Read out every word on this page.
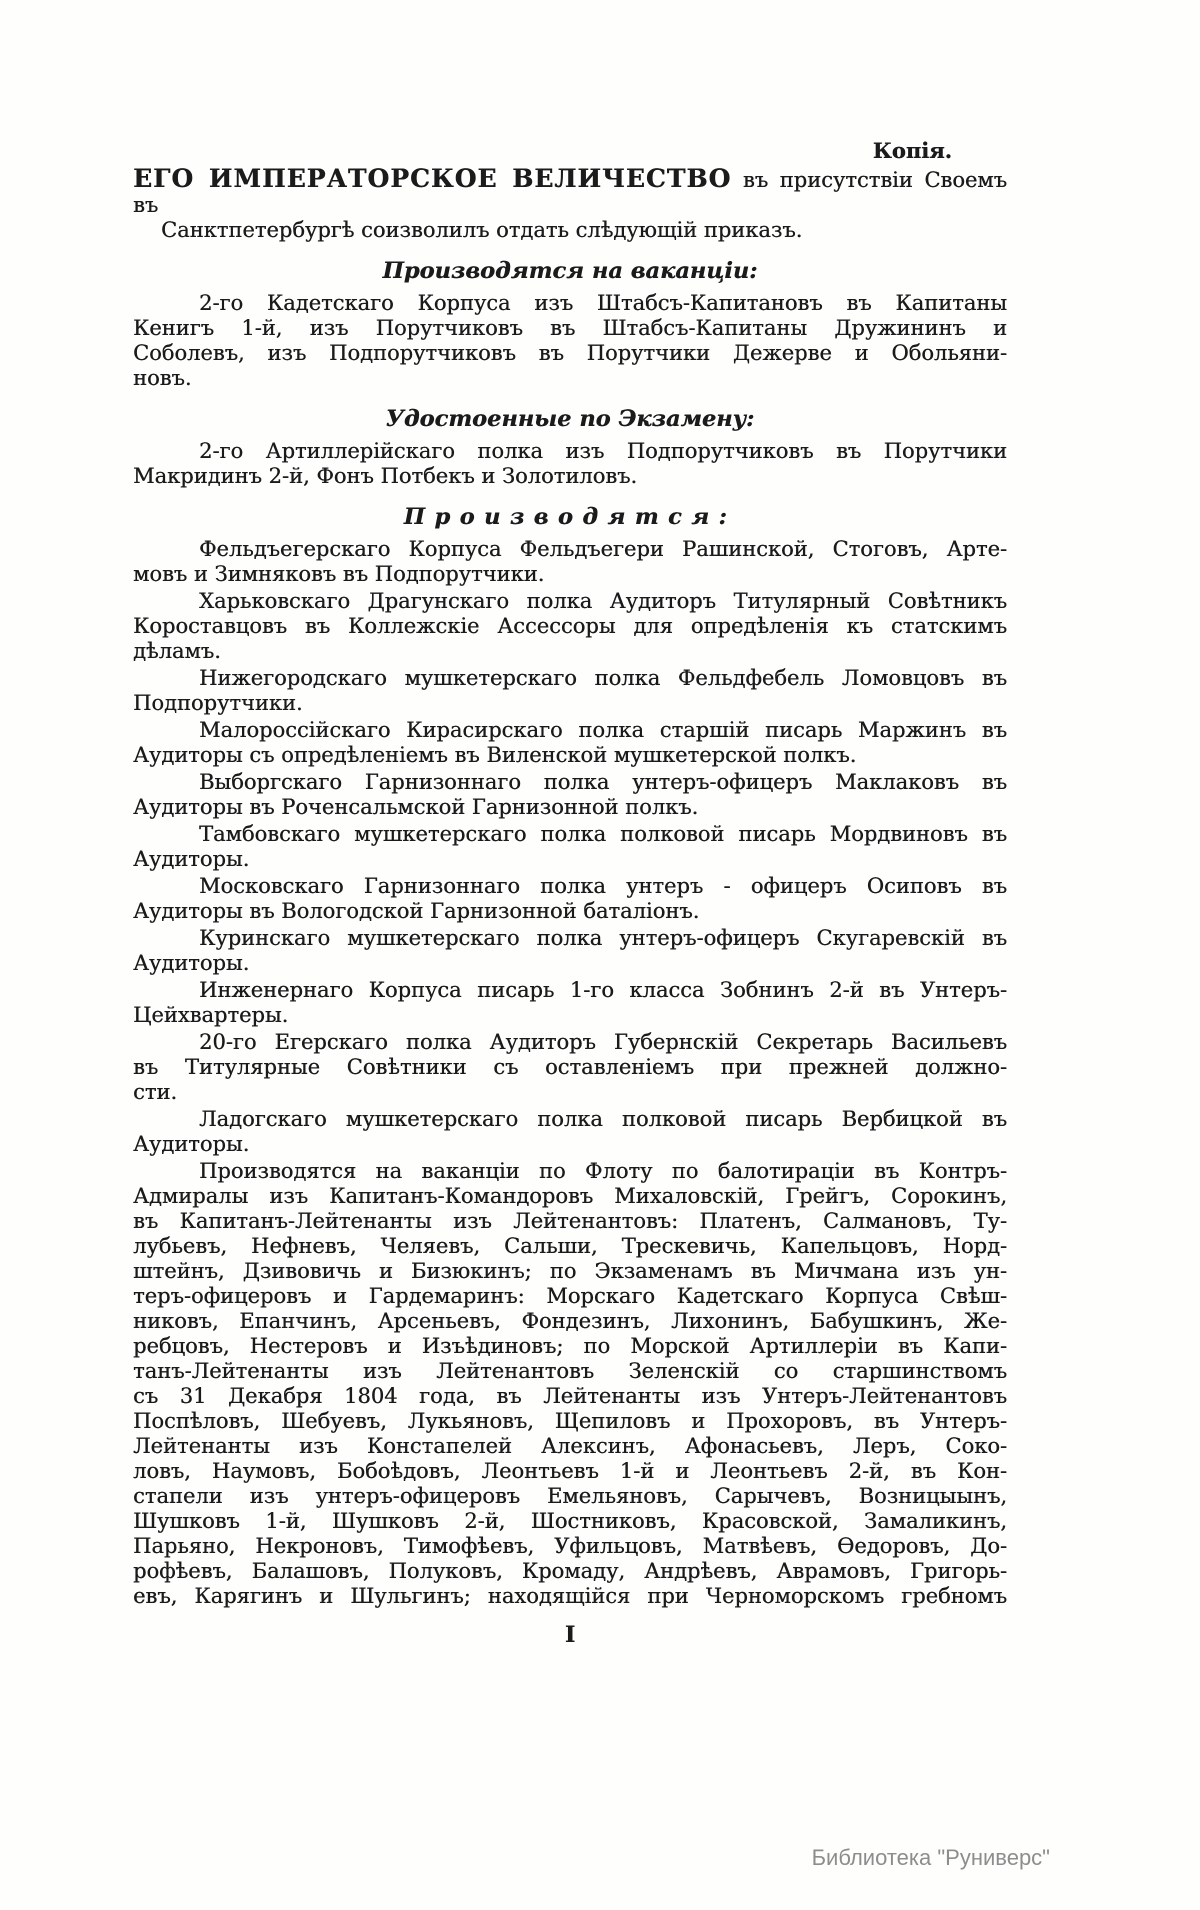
Копія.
ЕГО ИМПЕРАТОРСКОЕ ВЕЛИЧЕСТВО въ присутствіи Своемъ въ
Санктпетербургѣ соизволилъ отдать слѣдующій приказъ.
Производятся на ваканціи:
2-го Кадетскаго Корпуса изъ Штабсъ-Капитановъ въ Капитаны
Кенигъ 1-й, изъ Порутчиковъ въ Штабсъ-Капитаны Дружининъ и
Соболевъ, изъ Подпорутчиковъ въ Порутчики Дежерве и Обольяни-
новъ.
Удостоенные по Экзамену:
2-го Артиллерійскаго полка изъ Подпорутчиковъ въ Порутчики
Макридинъ 2-й, Фонъ Потбекъ и Золотиловъ.
Производятся:
Фельдъегерскаго Корпуса Фельдъегери Рашинской, Стоговъ, Арте-
мовъ и Зимняковъ въ Подпорутчики.
Харьковскаго Драгунскаго полка Аудиторъ Титулярный Совѣтникъ
Короставцовъ въ Коллежскіе Ассессоры для опредѣленія къ статскимъ
дѣламъ.
Нижегородскаго мушкетерскаго полка Фельдфебель Ломовцовъ въ
Подпорутчики.
Малороссійскаго Кирасирскаго полка старшій писарь Маржинъ въ
Аудиторы съ опредѣленіемъ въ Виленской мушкетерской полкъ.
Выборгскаго Гарнизоннаго полка унтеръ-офицеръ Маклаковъ въ
Аудиторы въ Роченсальмской Гарнизонной полкъ.
Тамбовскаго мушкетерскаго полка полковой писарь Мордвиновъ въ
Аудиторы.
Московскаго Гарнизоннаго полка унтеръ - офицеръ Осиповъ въ
Аудиторы въ Вологодской Гарнизонной баталіонъ.
Куринскаго мушкетерскаго полка унтеръ-офицеръ Скугаревскій въ
Аудиторы.
Инженернаго Корпуса писарь 1-го класса Зобнинъ 2-й въ Унтеръ-
Цейхвартеры.
20-го Егерскаго полка Аудиторъ Губернскій Секретарь Васильевъ
въ Титулярные Совѣтники съ оставленіемъ при прежней должно-
сти.
Ладогскаго мушкетерскаго полка полковой писарь Вербицкой въ
Аудиторы.
Производятся на ваканціи по Флоту по балотираціи въ Контръ-
Адмиралы изъ Капитанъ-Командоровъ Михаловскій, Грейгъ, Сорокинъ,
въ Капитанъ-Лейтенанты изъ Лейтенантовъ: Платенъ, Салмановъ, Ту-
лубьевъ, Нефневъ, Челяевъ, Сальши, Трескевичь, Капельцовъ, Норд-
штейнъ, Дзивовичь и Бизюкинъ; по Экзаменамъ въ Мичмана изъ ун-
теръ-офицеровъ и Гардемаринъ: Морскаго Кадетскаго Корпуса Свѣш-
никовъ, Епанчинъ, Арсеньевъ, Фондезинъ, Лихонинъ, Бабушкинъ, Же-
ребцовъ, Нестеровъ и Изъѣдиновъ; по Морской Артиллеріи въ Капи-
танъ-Лейтенанты изъ Лейтенантовъ Зеленскій со старшинствомъ
съ 31 Декабря 1804 года, въ Лейтенанты изъ Унтеръ-Лейтенантовъ
Поспѣловъ, Шебуевъ, Лукьяновъ, Щепиловъ и Прохоровъ, въ Унтеръ-
Лейтенанты изъ Констапелей Алексинъ, Афонасьевъ, Леръ, Соко-
ловъ, Наумовъ, Бобоѣдовъ, Леонтьевъ 1-й и Леонтьевъ 2-й, въ Кон-
стапели изъ унтеръ-офицеровъ Емельяновъ, Сарычевъ, Возницыынъ,
Шушковъ 1-й, Шушковъ 2-й, Шостниковъ, Красовской, Замаликинъ,
Парьяно, Некроновъ, Тимофѣевъ, Уфильцовъ, Матвѣевъ, Ѳедоровъ, До-
рофѣевъ, Балашовъ, Полуковъ, Кромаду, Андрѣевъ, Аврамовъ, Григорь-
евъ, Карягинъ и Шульгинъ; находящійся при Черноморскомъ гребномъ
І
Библиотека "Руниверс"
